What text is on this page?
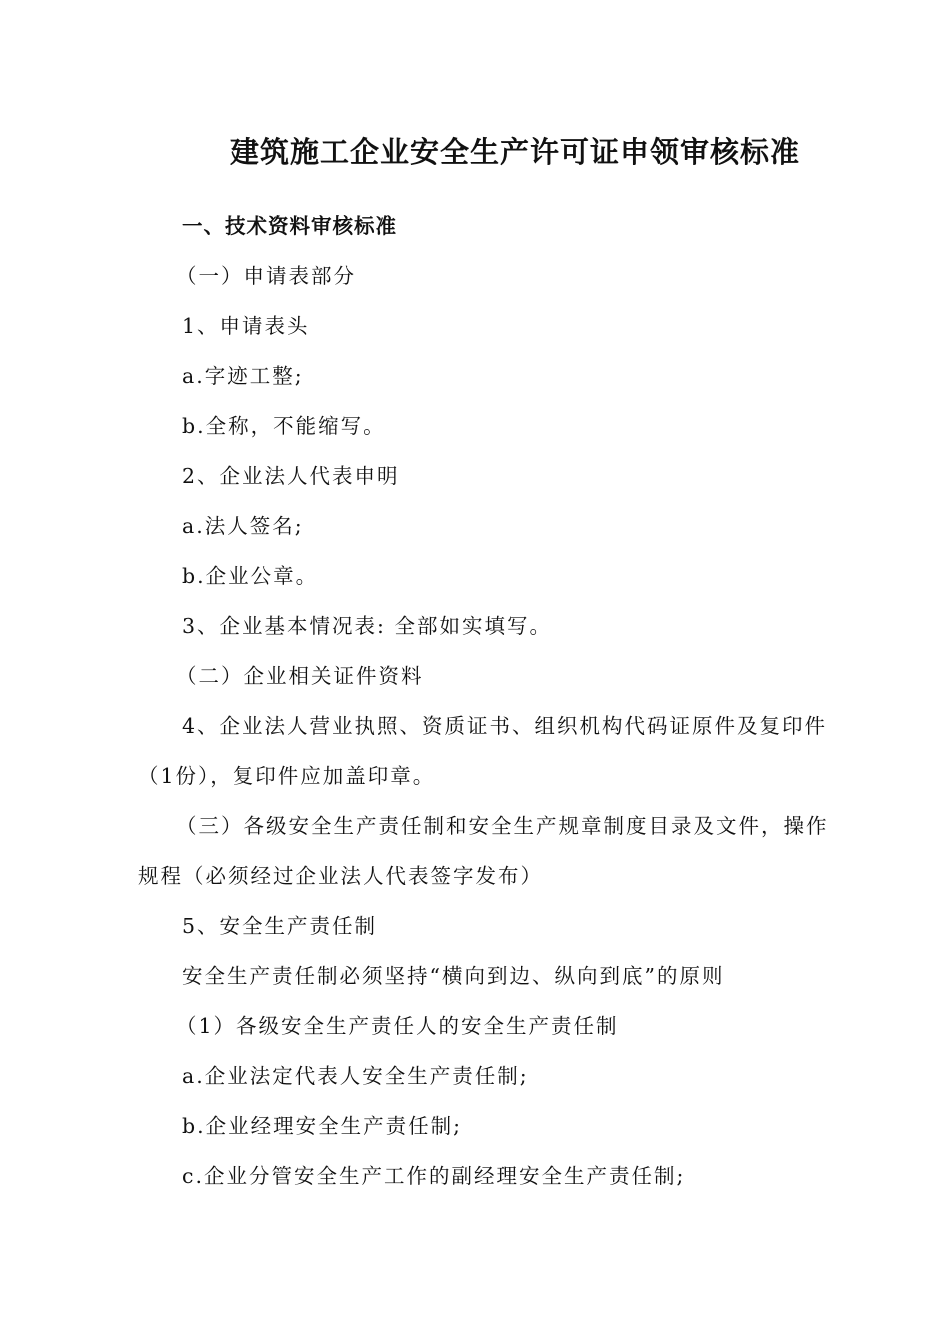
建筑施工企业安全生产许可证申领审核标准
一、技术资料审核标准
（一）申请表部分
1、申请表头
a.字迹工整;
b.全称，不能缩写。
2、企业法人代表申明
a.法人签名;
b.企业公章。
3、企业基本情况表: 全部如实填写。
（二）企业相关证件资料
4、企业法人营业执照、资质证书、组织机构代码证原件及复印件
（1份），复印件应加盖印章。
（三）各级安全生产责任制和安全生产规章制度目录及文件，操作
规程（必须经过企业法人代表签字发布）
5、安全生产责任制
安全生产责任制必须坚持“横向到边、纵向到底”的原则
（1）各级安全生产责任人的安全生产责任制
a.企业法定代表人安全生产责任制;
b.企业经理安全生产责任制;
c.企业分管安全生产工作的副经理安全生产责任制;
